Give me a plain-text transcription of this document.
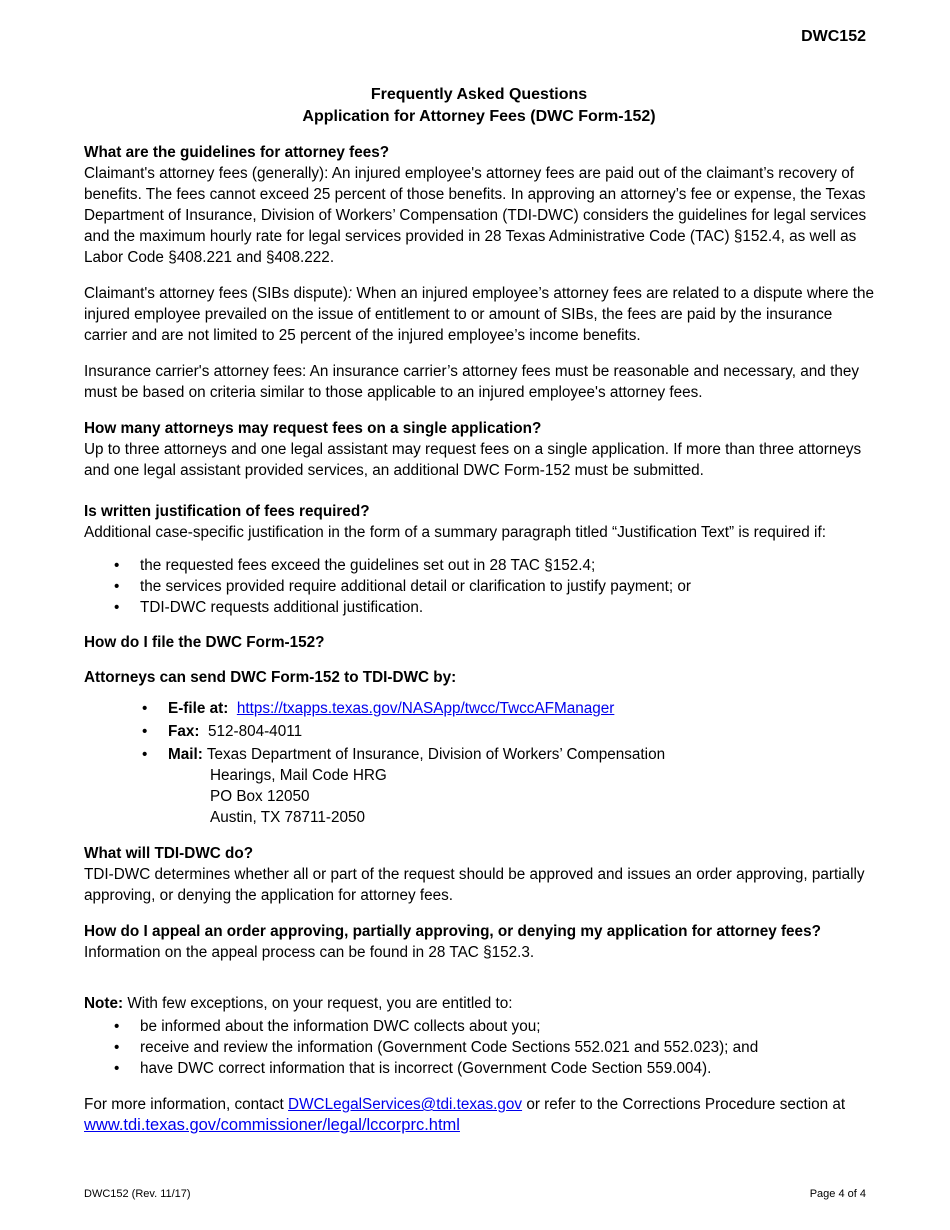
DWC152
Frequently Asked Questions
Application for Attorney Fees (DWC Form-152)

What are the guidelines for attorney fees?

Claimant's attorney fees (generally): An injured employee's attorney fees are paid out of the claimant’s recovery of benefits. The fees cannot exceed 25 percent of those benefits. In approving an attorney’s fee or expense, the Texas Department of Insurance, Division of Workers’ Compensation (TDI-DWC) considers the guidelines for legal services and the maximum hourly rate for legal services provided in 28 Texas Administrative Code (TAC) §152.4, as well as Labor Code §408.221 and §408.222.

Claimant's attorney fees (SIBs dispute): When an injured employee’s attorney fees are related to a dispute where the injured employee prevailed on the issue of entitlement to or amount of SIBs, the fees are paid by the insurance carrier and are not limited to 25 percent of the injured employee’s income benefits.

Insurance carrier's attorney fees: An insurance carrier’s attorney fees must be reasonable and necessary, and they must be based on criteria similar to those applicable to an injured employee's attorney fees.

How many attorneys may request fees on a single application?

Up to three attorneys and one legal assistant may request fees on a single application. If more than three attorneys and one legal assistant provided services, an additional DWC Form-152 must be submitted.

Is written justification of fees required?

Additional case-specific justification in the form of a summary paragraph titled “Justification Text” is required if:

• the requested fees exceed the guidelines set out in 28 TAC §152.4;
• the services provided require additional detail or clarification to justify payment; or
• TDI-DWC requests additional justification.

How do I file the DWC Form-152?

Attorneys can send DWC Form-152 to TDI-DWC by:

• E-file at: https://txapps.texas.gov/NASApp/twcc/TwccAFManager
• Fax: 512-804-4011
• Mail: Texas Department of Insurance, Division of Workers’ Compensation
Hearings, Mail Code HRG
PO Box 12050
Austin, TX 78711-2050

What will TDI-DWC do?

TDI-DWC determines whether all or part of the request should be approved and issues an order approving, partially approving, or denying the application for attorney fees.

How do I appeal an order approving, partially approving, or denying my application for attorney fees?

Information on the appeal process can be found in 28 TAC §152.3.

Note: With few exceptions, on your request, you are entitled to:

• be informed about the information DWC collects about you;
• receive and review the information (Government Code Sections 552.021 and 552.023); and
• have DWC correct information that is incorrect (Government Code Section 559.004).

For more information, contact DWCLegalServices@tdi.texas.gov or refer to the Corrections Procedure section at
www.tdi.texas.gov/commissioner/legal/lccorprc.html

DWC152 (Rev. 11/17)	Page 4 of 4
